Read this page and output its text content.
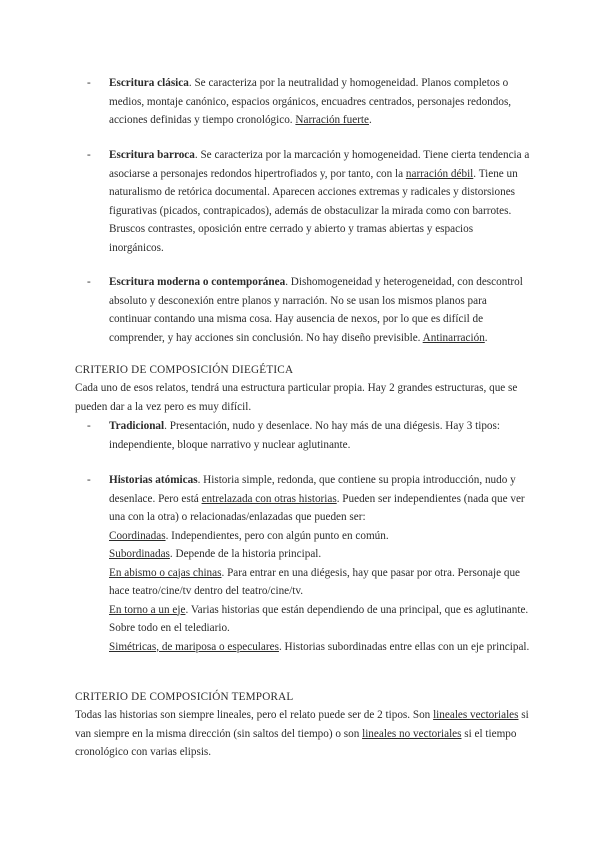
-	Escritura clásica. Se caracteriza por la neutralidad y homogeneidad. Planos completos o medios, montaje canónico, espacios orgánicos, encuadres centrados, personajes redondos, acciones definidas y tiempo cronológico. Narración fuerte.

-	Escritura barroca. Se caracteriza por la marcación y homogeneidad. Tiene cierta tendencia a asociarse a personajes redondos hipertrofiados y, por tanto, con la narración débil. Tiene un naturalismo de retórica documental. Aparecen acciones extremas y radicales y distorsiones figurativas (picados, contrapicados), además de obstaculizar la mirada como con barrotes. Bruscos contrastes, oposición entre cerrado y abierto y tramas abiertas y espacios inorgánicos.

-	Escritura moderna o contemporánea. Dishomogeneidad y heterogeneidad, con descontrol absoluto y desconexión entre planos y narración. No se usan los mismos planos para continuar contando una misma cosa. Hay ausencia de nexos, por lo que es difícil de comprender, y hay acciones sin conclusión. No hay diseño previsible. Antinarración.

CRITERIO DE COMPOSICIÓN DIEGÉTICA

Cada uno de esos relatos, tendrá una estructura particular propia. Hay 2 grandes estructuras, que se pueden dar a la vez pero es muy difícil.

-	Tradicional. Presentación, nudo y desenlace. No hay más de una diégesis. Hay 3 tipos: independiente, bloque narrativo y nuclear aglutinante.

- Historias atómicas. Historia simple, redonda, que contiene su propia introducción, nudo y desenlace. Pero está entrelazada con otras historias. Pueden ser independientes (nada que ver una con la otra) o relacionadas/enlazadas que pueden ser:

Coordinadas. Independientes, pero con algún punto en común.

Subordinadas. Depende de la historia principal.

En abismo o cajas chinas. Para entrar en una diégesis, hay que pasar por otra. Personaje que hace teatro/cine/tv dentro del teatro/cine/tv.

En torno a un eje. Varias historias que están dependiendo de una principal, que es aglutinante. Sobre todo en el telediario.

Simétricas, de mariposa o especulares. Historias subordinadas entre ellas con un eje principal.

CRITERIO DE COMPOSICIÓN TEMPORAL

Todas las historias son siempre lineales, pero el relato puede ser de 2 tipos. Son lineales vectoriales si van siempre en la misma dirección (sin saltos del tiempo) o son lineales no vectoriales si el tiempo cronológico con varias elipsis.
